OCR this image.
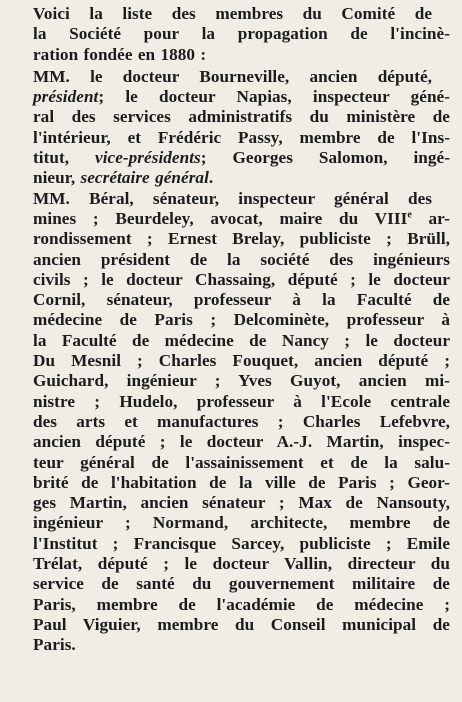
Voici la liste des membres du Comité de
la Société pour la propagation de l'incinè-
ration fondée en 1880 :
MM. le docteur Bourneville, ancien député,
président; le docteur Napias, inspecteur géné-
ral des services administratifs du ministère de
l'intérieur, et Frédéric Passy, membre de l'Ins-
titut, vice-présidents; Georges Salomon, ingé-
nieur, secrétaire général.
MM. Béral, sénateur, inspecteur général des
mines ; Beurdeley, avocat, maire du VIIIe ar-
rondissement ; Ernest Brelay, publiciste ; Brüll,
ancien président de la société des ingénieurs
civils ; le docteur Chassaing, député ; le docteur
Cornil, sénateur, professeur à la Faculté de
médecine de Paris ; Delcominète, professeur à
la Faculté de médecine de Nancy ; le docteur
Du Mesnil ; Charles Fouquet, ancien député ;
Guichard, ingénieur ; Yves Guyot, ancien mi-
nistre ; Hudelo, professeur à l'Ecole centrale
des arts et manufactures ; Charles Lefebvre,
ancien député ; le docteur A.-J. Martin, inspec-
teur général de l'assainissement et de la salu-
brité de l'habitation de la ville de Paris ; Geor-
ges Martin, ancien sénateur ; Max de Nansouty,
ingénieur ; Normand, architecte, membre de
l'Institut ; Francisque Sarcey, publiciste ; Emile
Trélat, député ; le docteur Vallin, directeur du
service de santé du gouvernement militaire de
Paris, membre de l'académie de médecine ;
Paul Viguier, membre du Conseil municipal de
Paris.
